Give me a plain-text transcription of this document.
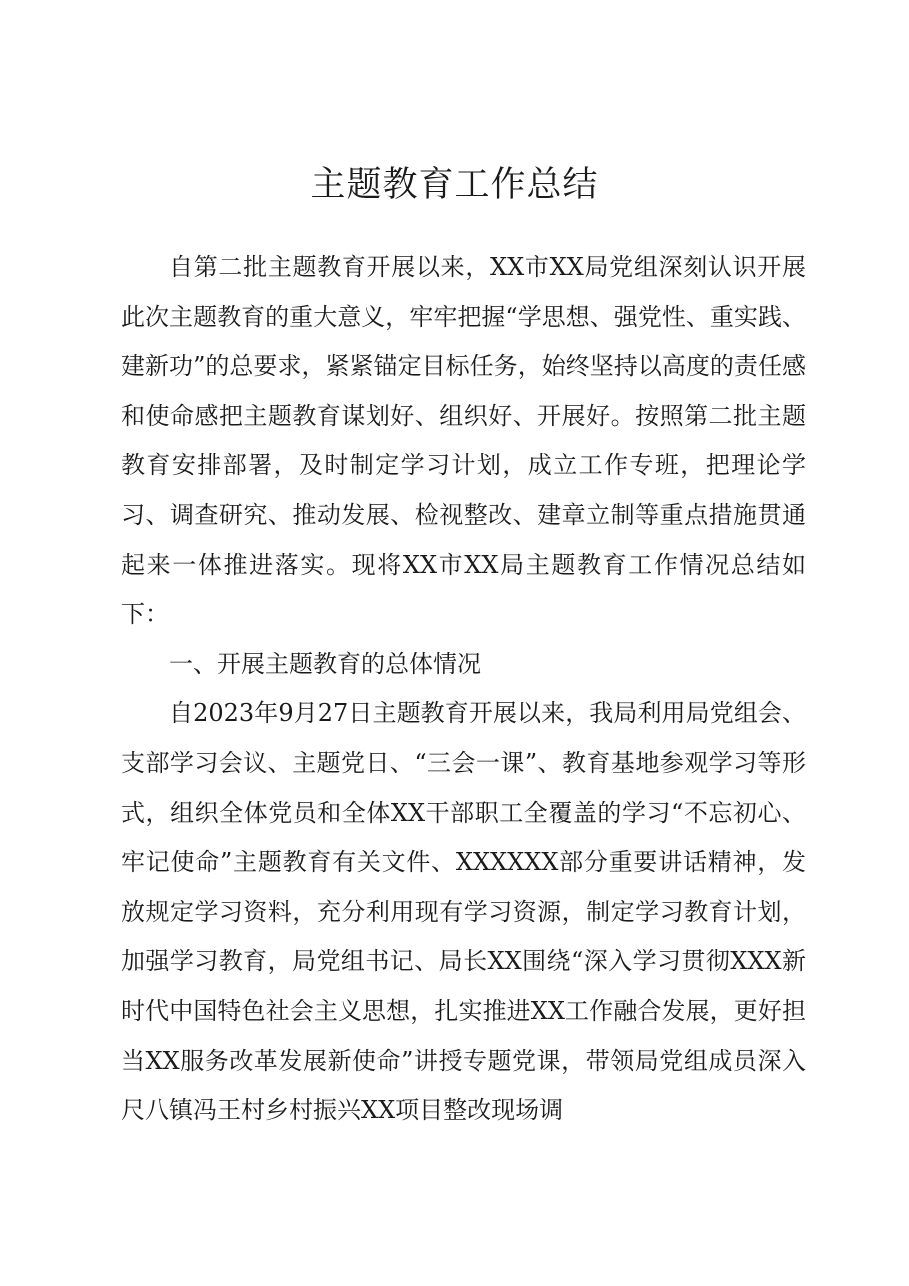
主题教育工作总结

自第二批主题教育开展以来，XX市XX局党组深刻认识开展此次主题教育的重大意义，牢牢把握“学思想、强党性、重实践、建新功”的总要求，紧紧锚定目标任务，始终坚持以高度的责任感和使命感把主题教育谋划好、组织好、开展好。按照第二批主题教育安排部署，及时制定学习计划，成立工作专班，把理论学习、调查研究、推动发展、检视整改、建章立制等重点措施贯通起来一体推进落实。现将XX市XX局主题教育工作情况总结如下：

一、开展主题教育的总体情况

自2023年9月27日主题教育开展以来，我局利用局党组会、支部学习会议、主题党日、“三会一课”、教育基地参观学习等形式，组织全体党员和全体XX干部职工全覆盖的学习“不忘初心、牢记使命”主题教育有关文件、XXXXXX部分重要讲话精神，发放规定学习资料，充分利用现有学习资源，制定学习教育计划，加强学习教育，局党组书记、局长XX围绕“深入学习贯彻XXX新时代中国特色社会主义思想，扎实推进XX工作融合发展，更好担当XX服务改革发展新使命”讲授专题党课，带领局党组成员深入尺八镇冯王村乡村振兴XX项目整改现场调
